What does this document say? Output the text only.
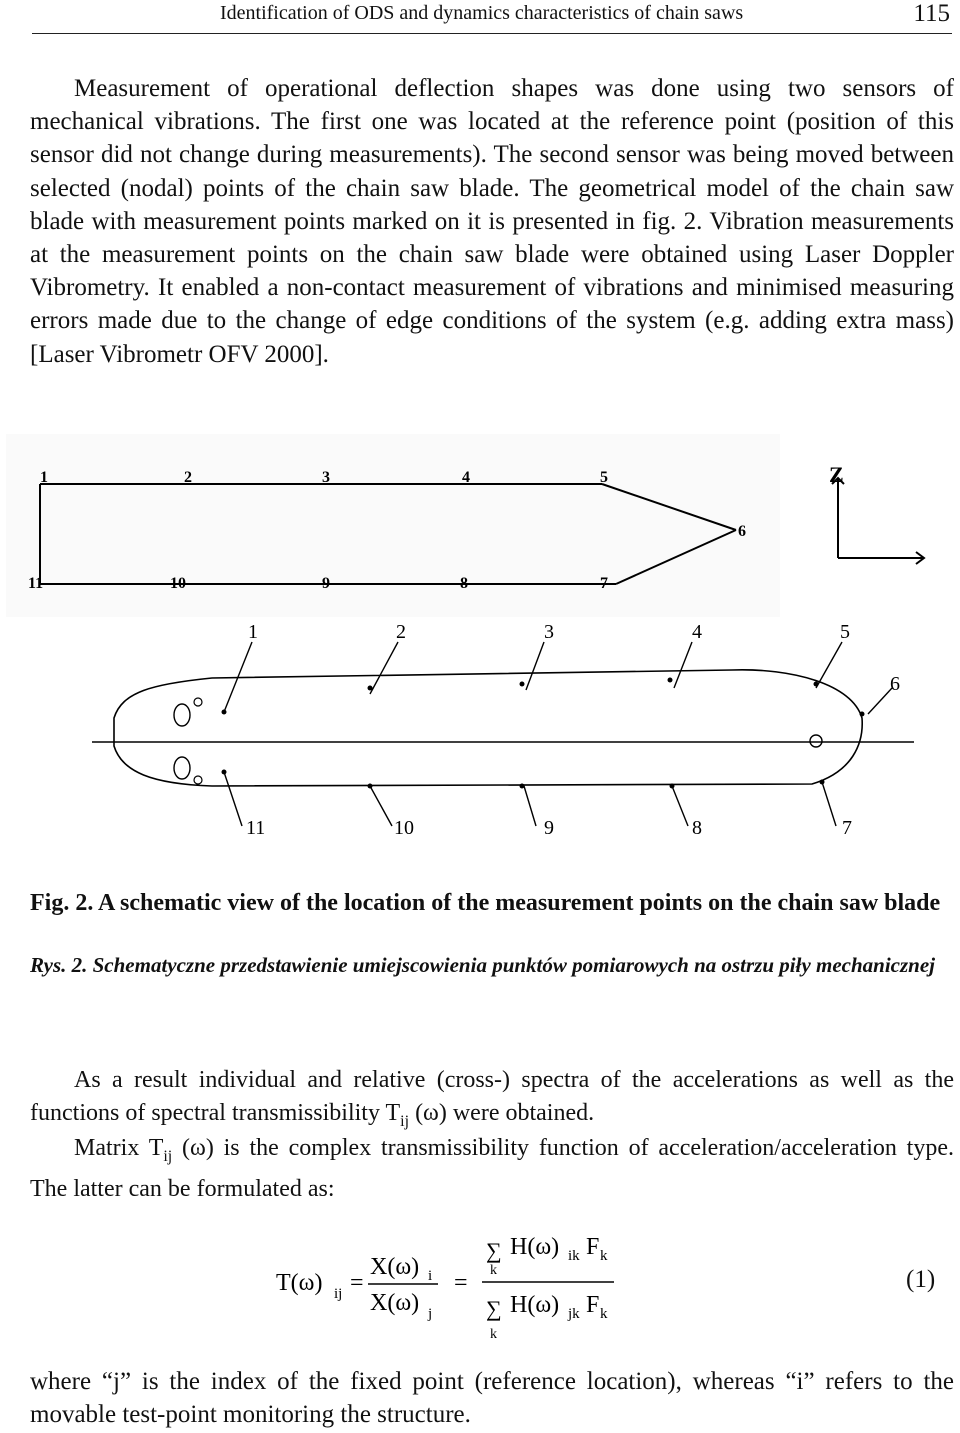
Identification of ODS and dynamics characteristics of chain saws	115

Measurement of operational deflection shapes was done using two sensors of mechanical vibrations. The first one was located at the reference point (position of this sensor did not change during measurements). The second sensor was being moved between selected (nodal) points of the chain saw blade. The geometrical model of the chain saw blade with measurement points marked on it is presented in fig. 2. Vibration measurements at the measurement points on the chain saw blade were obtained using Laser Doppler Vibrometry. It enabled a non-contact measurement of vibrations and minimised measuring errors made due to the change of edge conditions of the system (e.g. adding extra mass) [Laser Vibrometr OFV 2000].

1	2	3	4	5
6
7
8
9
10
11
Z
1	2	3	4	5
6
7
8
9
10
11

Fig. 2. A schematic view of the location of the measurement points on the chain saw blade

Rys. 2. Schematyczne przedstawienie umiejscowienia punktów pomiarowych na ostrzu piły mechanicznej

As a result individual and relative (cross-) spectra of the accelerations as well as the functions of spectral transmissibility $T_{ij}$ (ω) were obtained.

Matrix $T_{ij}$ (ω) is the complex transmissibility function of acceleration/acceleration type. The latter can be formulated as:

T(ω) ij =
X(ω) i
X(ω) j
=
∑
k
H(ω) ik F k
∑
k
H(ω) jk F k
(1)

where “j” is the index of the fixed point (reference location), whereas “i” refers to the movable test-point monitoring the structure.
